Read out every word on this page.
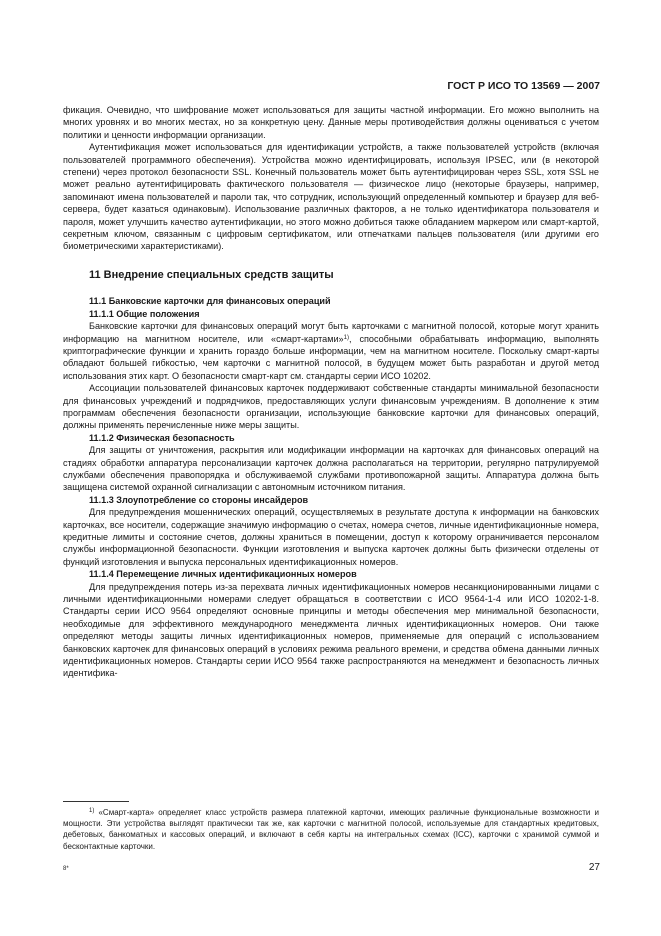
ГОСТ Р ИСО ТО 13569 — 2007

фикация. Очевидно, что шифрование может использоваться для защиты частной информации. Его можно выполнить на многих уровнях и во многих местах, но за конкретную цену. Данные меры противодействия должны оцениваться с учетом политики и ценности информации организации.

Аутентификация может использоваться для идентификации устройств, а также пользователей устройств (включая пользователей программного обеспечения). Устройства можно идентифицировать, используя IPSEC, или (в некоторой степени) через протокол безопасности SSL. Конечный пользователь может быть аутентифицирован через SSL, хотя SSL не может реально аутентифицировать фактического пользователя — физическое лицо (некоторые браузеры, например, запоминают имена пользователей и пароли так, что сотрудник, использующий определенный компьютер и браузер для веб-сервера, будет казаться одинаковым). Использование различных факторов, а не только идентификатора пользователя и пароля, может улучшить качество аутентификации, но этого можно добиться также обладанием маркером или смарт-картой, секретным ключом, связанным с цифровым сертификатом, или отпечатками пальцев пользователя (или другими его биометрическими характеристиками).

11 Внедрение специальных средств защиты
11.1 Банковские карточки для финансовых операций
11.1.1 Общие положения

Банковские карточки для финансовых операций могут быть карточками с магнитной полосой, которые могут хранить информацию на магнитном носителе, или «смарт-картами»$^{1)}$, способными обрабатывать информацию, выполнять криптографические функции и хранить гораздо больше информации, чем на магнитном носителе. Поскольку смарт-карты обладают большей гибкостью, чем карточки с магнитной полосой, в будущем может быть разработан и другой метод использования этих карт. О безопасности смарт-карт см. стандарты серии ИСО 10202.

Ассоциации пользователей финансовых карточек поддерживают собственные стандарты минимальной безопасности для финансовых учреждений и подрядчиков, предоставляющих услуги финансовым учреждениям. В дополнение к этим программам обеспечения безопасности организации, использующие банковские карточки для финансовых операций, должны применять перечисленные ниже меры защиты.

11.1.2 Физическая безопасность

Для защиты от уничтожения, раскрытия или модификации информации на карточках для финансовых операций на стадиях обработки аппаратура персонализации карточек должна располагаться на территории, регулярно патрулируемой службами обеспечения правопорядка и обслуживаемой службами противопожарной защиты. Аппаратура должна быть защищена системой охранной сигнализации с автономным источником питания.

11.1.3 Злоупотребление со стороны инсайдеров

Для предупреждения мошеннических операций, осуществляемых в результате доступа к информации на банковских карточках, все носители, содержащие значимую информацию о счетах, номера счетов, личные идентификационные номера, кредитные лимиты и состояние счетов, должны храниться в помещении, доступ к которому ограничивается персоналом службы информационной безопасности. Функции изготовления и выпуска карточек должны быть физически отделены от функций изготовления и выпуска персональных идентификационных номеров.

11.1.4 Перемещение личных идентификационных номеров

Для предупреждения потерь из-за перехвата личных идентификационных номеров несанкционированными лицами с личными идентификационными номерами следует обращаться в соответствии с ИСО 9564-1-4 или ИСО 10202-1-8. Стандарты серии ИСО 9564 определяют основные принципы и методы обеспечения мер минимальной безопасности, необходимые для эффективного международного менеджмента личных идентификационных номеров. Они также определяют методы защиты личных идентификационных номеров, применяемые для операций с использованием банковских карточек для финансовых операций в условиях режима реального времени, и средства обмена данными личных идентификационных номеров. Стандарты серии ИСО 9564 также распространяются на менеджмент и безопасность личных идентифика-

$^{1)}$ «Смарт-карта» определяет класс устройств размера платежной карточки, имеющих различные функциональные возможности и мощности. Эти устройства выглядят практически так же, как карточки с магнитной полосой, используемые для стандартных кредитовых, дебетовых, банкоматных и кассовых операций, и включают в себя карты на интегральных схемах (ICC), карточки с хранимой суммой и бесконтактные карточки.
8*	27
